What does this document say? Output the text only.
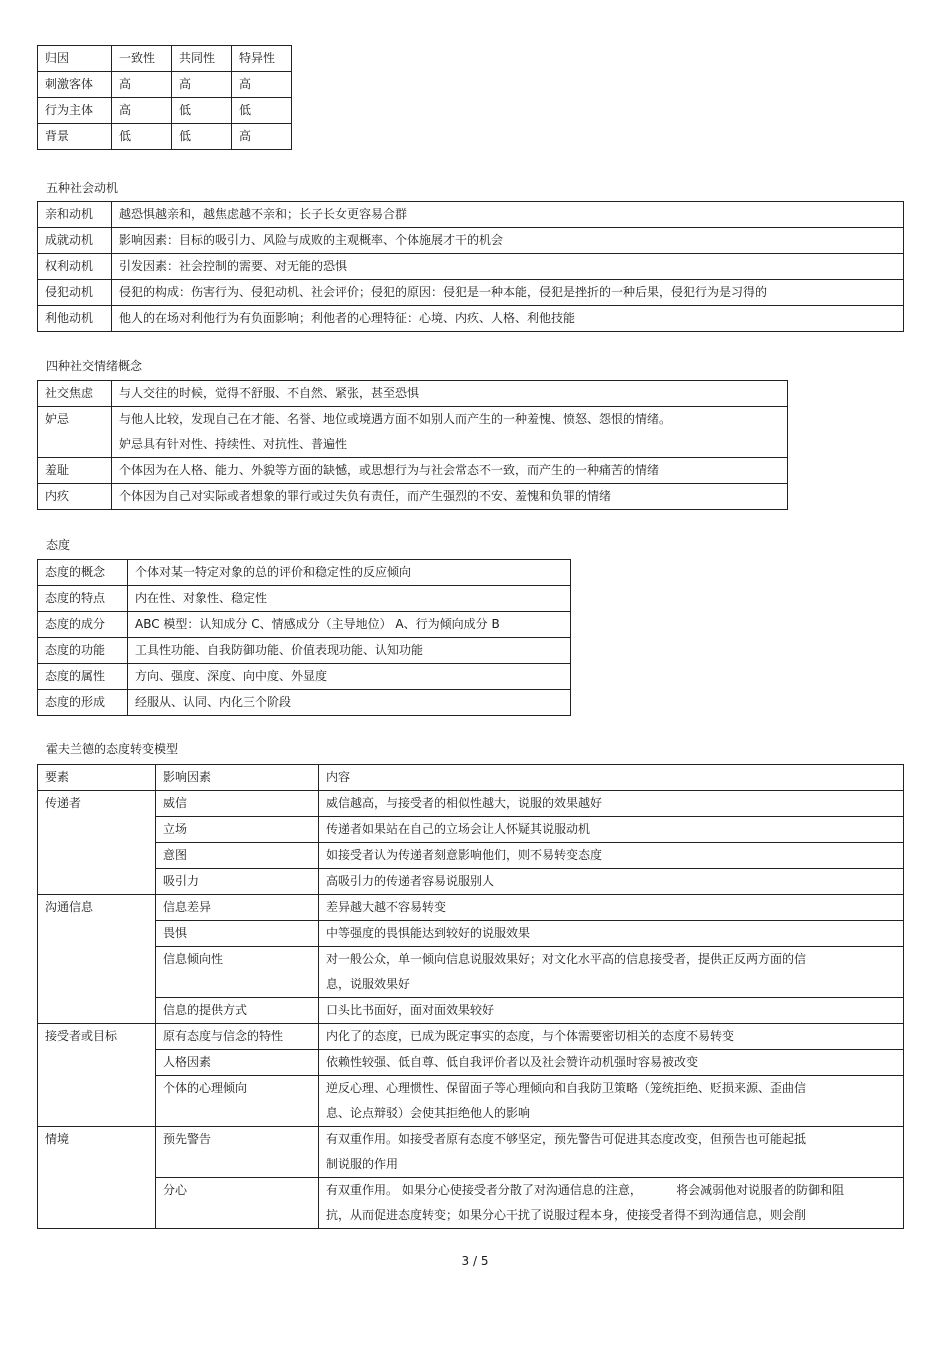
归因	一致性	共同性	特异性
刺激客体	高	高	高
行为主体	高	低	低
背景	低	低	高
五种社会动机
亲和动机	越恐惧越亲和，越焦虑越不亲和；长子长女更容易合群
成就动机	影响因素：目标的吸引力、风险与成败的主观概率、个体施展才干的机会
权利动机	引发因素：社会控制的需要、对无能的恐惧
侵犯动机	侵犯的构成：伤害行为、侵犯动机、社会评价；侵犯的原因：侵犯是一种本能，侵犯是挫折的一种后果，侵犯行为是习得的
利他动机	他人的在场对利他行为有负面影响；利他者的心理特征：心境、内疚、人格、利他技能
四种社交情绪概念
社交焦虑	与人交往的时候，觉得不舒服、不自然、紧张，甚至恐惧
妒忌	与他人比较，发现自己在才能、名誉、地位或境遇方面不如别人而产生的一种羞愧、愤怒、怨恨的情绪。
妒忌具有针对性、持续性、对抗性、普遍性

羞耻	个体因为在人格、能力、外貌等方面的缺憾，或思想行为与社会常态不一致，而产生的一种痛苦的情绪
内疚	个体因为自己对实际或者想象的罪行或过失负有责任，而产生强烈的不安、羞愧和负罪的情绪
态度
态度的概念	个体对某一特定对象的总的评价和稳定性的反应倾向
态度的特点	内在性、对象性、稳定性
态度的成分	ABC 模型：认知成分 C、情感成分（主导地位） A、行为倾向成分 B
态度的功能	工具性功能、自我防御功能、价值表现功能、认知功能
态度的属性	方向、强度、深度、向中度、外显度
态度的形成	经服从、认同、内化三个阶段
霍夫兰德的态度转变模型
要素	影响因素	内容
传递者	威信	威信越高，与接受者的相似性越大，说服的效果越好
	立场	传递者如果站在自己的立场会让人怀疑其说服动机
	意图	如接受者认为传递者刻意影响他们，则不易转变态度
	吸引力	高吸引力的传递者容易说服别人
沟通信息	信息差异	差异越大越不容易转变
	畏惧	中等强度的畏惧能达到较好的说服效果
	信息倾向性	对一般公众，单一倾向信息说服效果好；对文化水平高的信息接受者，提供正反两方面的信
息，说服效果好

	信息的提供方式	口头比书面好，面对面效果较好
接受者或目标	原有态度与信念的特性	内化了的态度，已成为既定事实的态度，与个体需要密切相关的态度不易转变
	人格因素	依赖性较强、低自尊、低自我评价者以及社会赞许动机强时容易被改变
	个体的心理倾向	逆反心理、心理惯性、保留面子等心理倾向和自我防卫策略（笼统拒绝、贬损来源、歪曲信
息、论点辩驳）会使其拒绝他人的影响

情境	预先警告	有双重作用。如接受者原有态度不够坚定，预先警告可促进其态度改变，但预告也可能起抵
制说服的作用

	分心	有双重作用。 如果分心使接受者分散了对沟通信息的注意，         将会减弱他对说服者的防御和阻
抗，从而促进态度转变；如果分心干扰了说服过程本身，使接受者得不到沟通信息，则会削
3 / 5
